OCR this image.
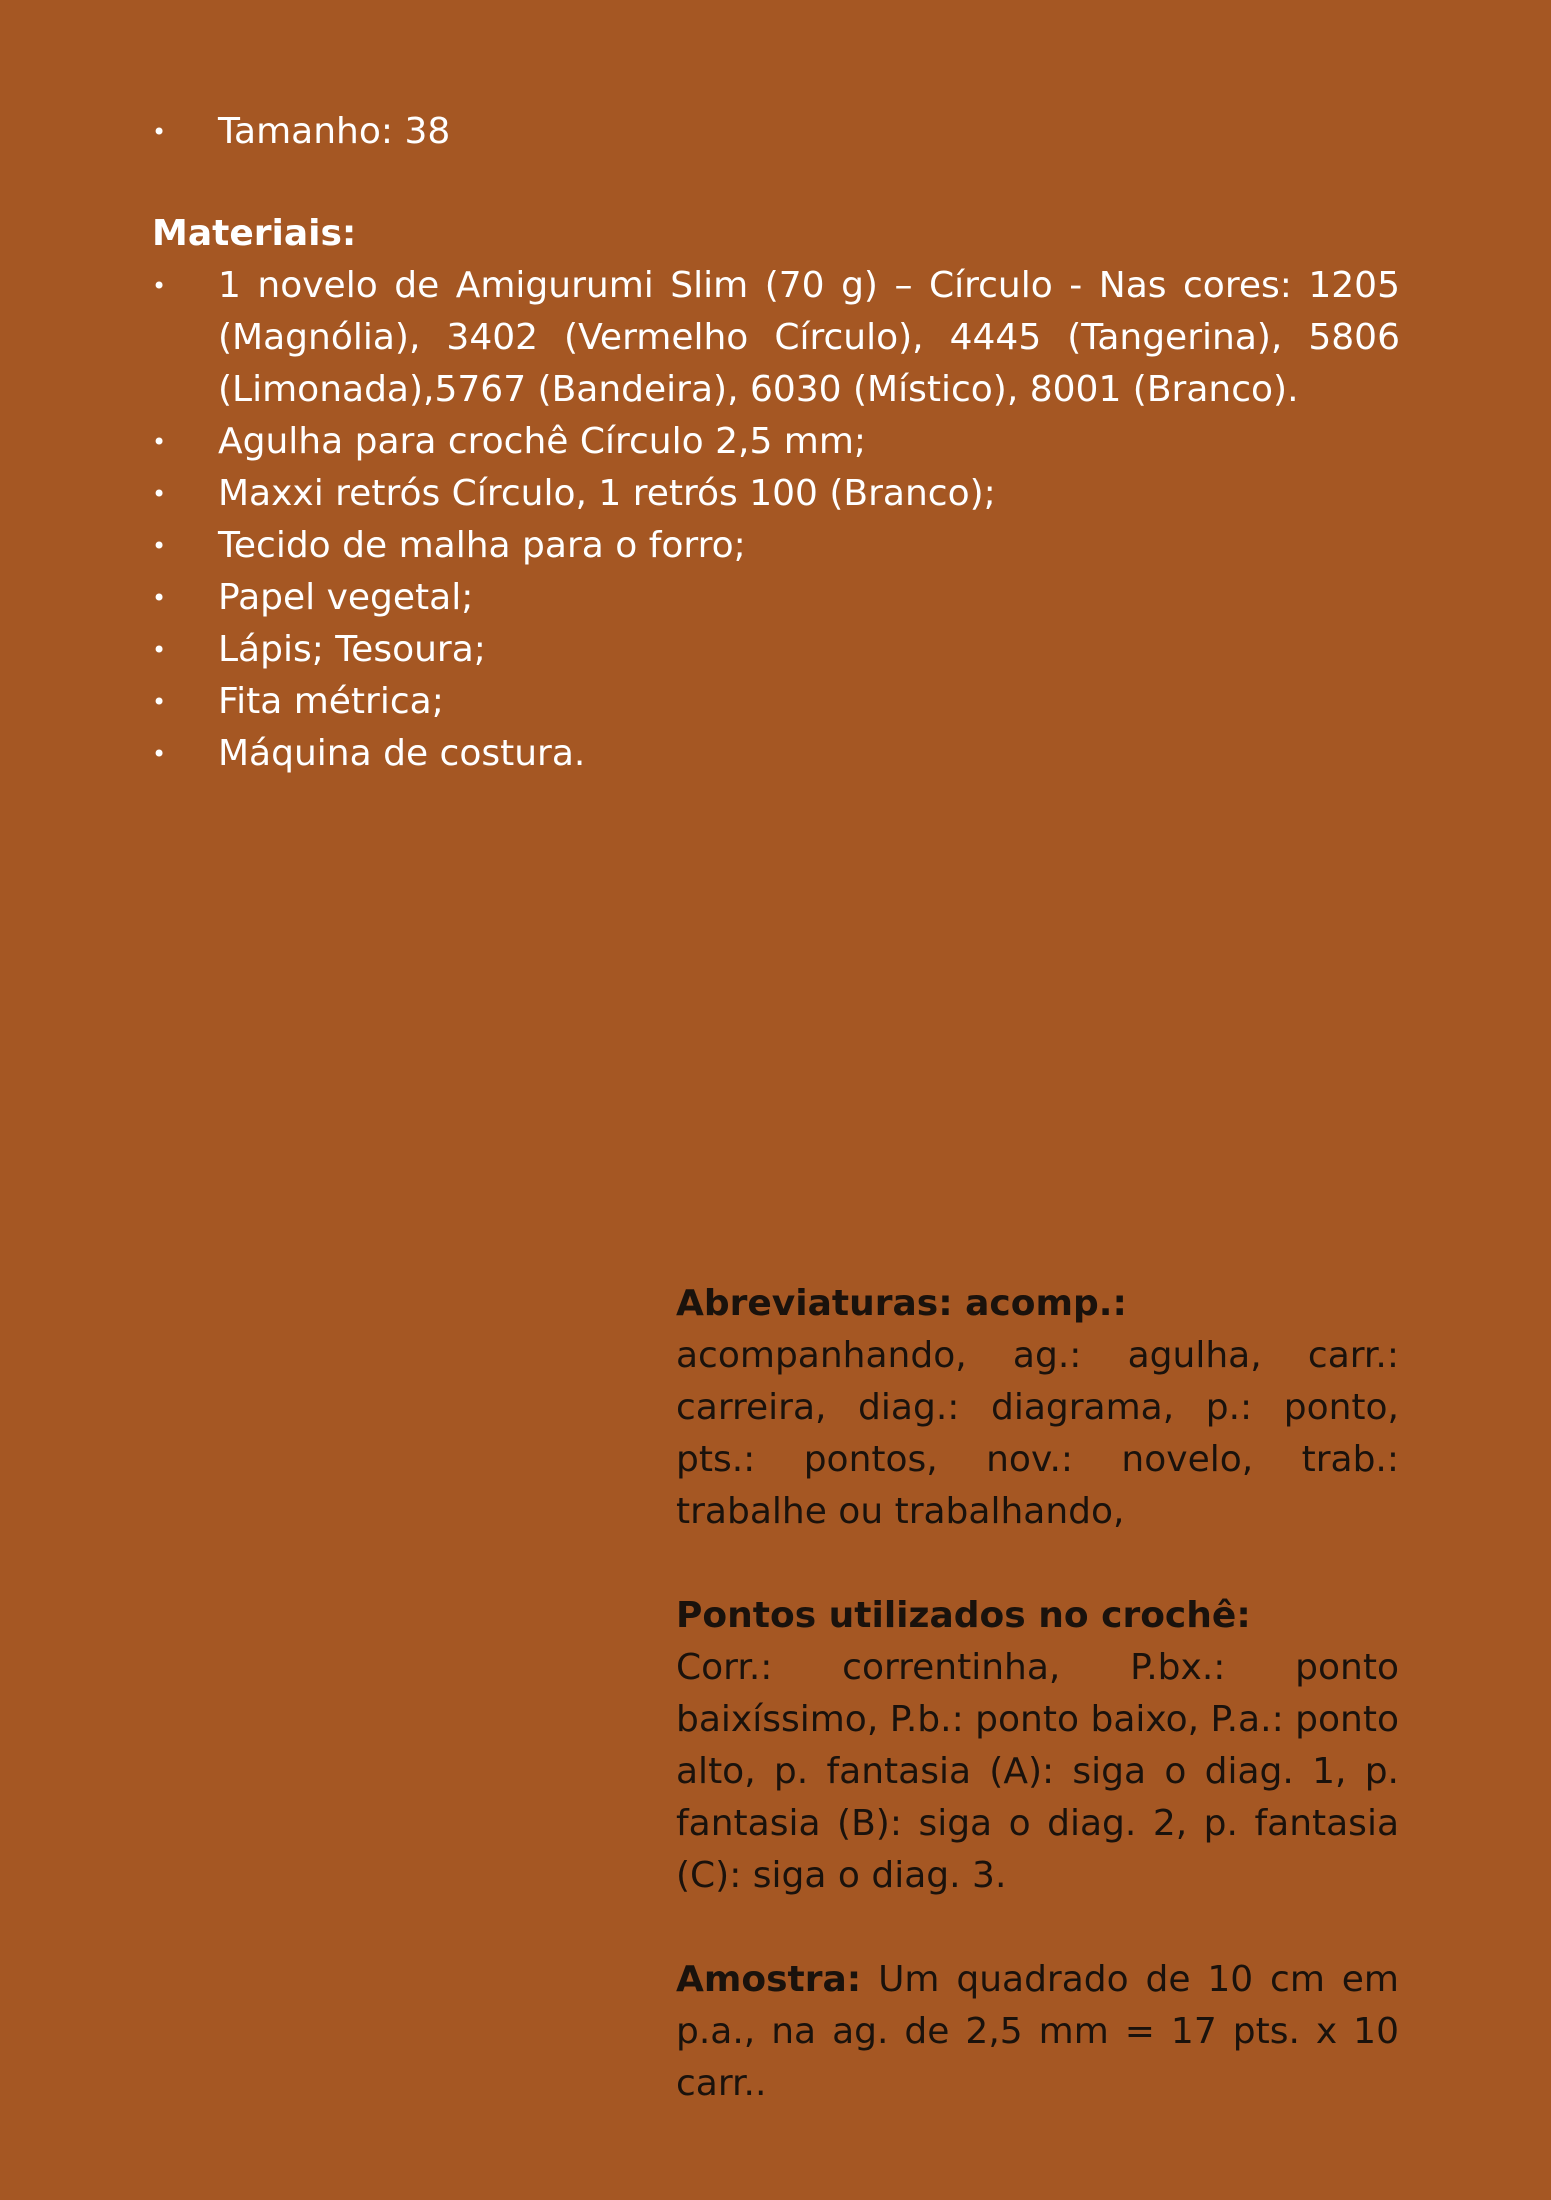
• Tamanho: 38
Materiais:
• 1 novelo de Amigurumi Slim (70 g) – Círculo - Nas cores: 1205 (Magnólia), 3402 (Vermelho Círculo), 4445 (Tangerina), 5806 (Limonada),5767 (Bandeira), 6030 (Místico), 8001 (Branco).
• Agulha para crochê Círculo 2,5 mm;
• Maxxi retrós Círculo, 1 retrós 100 (Branco);
• Tecido de malha para o forro;
• Papel vegetal;
• Lápis; Tesoura;
• Fita métrica;
• Máquina de costura.
Abreviaturas: acomp.:

acompanhando, ag.: agulha, carr.: carreira, diag.: diagrama, p.: ponto, pts.: pontos, nov.: novelo, trab.: trabalhe ou trabalhando,

Pontos utilizados no crochê:

Corr.: correntinha, P.bx.: ponto baixíssimo, P.b.: ponto baixo, P.a.: ponto alto, p. fantasia (A): siga o diag. 1, p. fantasia (B): siga o diag. 2, p. fantasia (C): siga o diag. 3.

Amostra: Um quadrado de 10 cm em p.a., na ag. de 2,5 mm = 17 pts. x 10 carr..
